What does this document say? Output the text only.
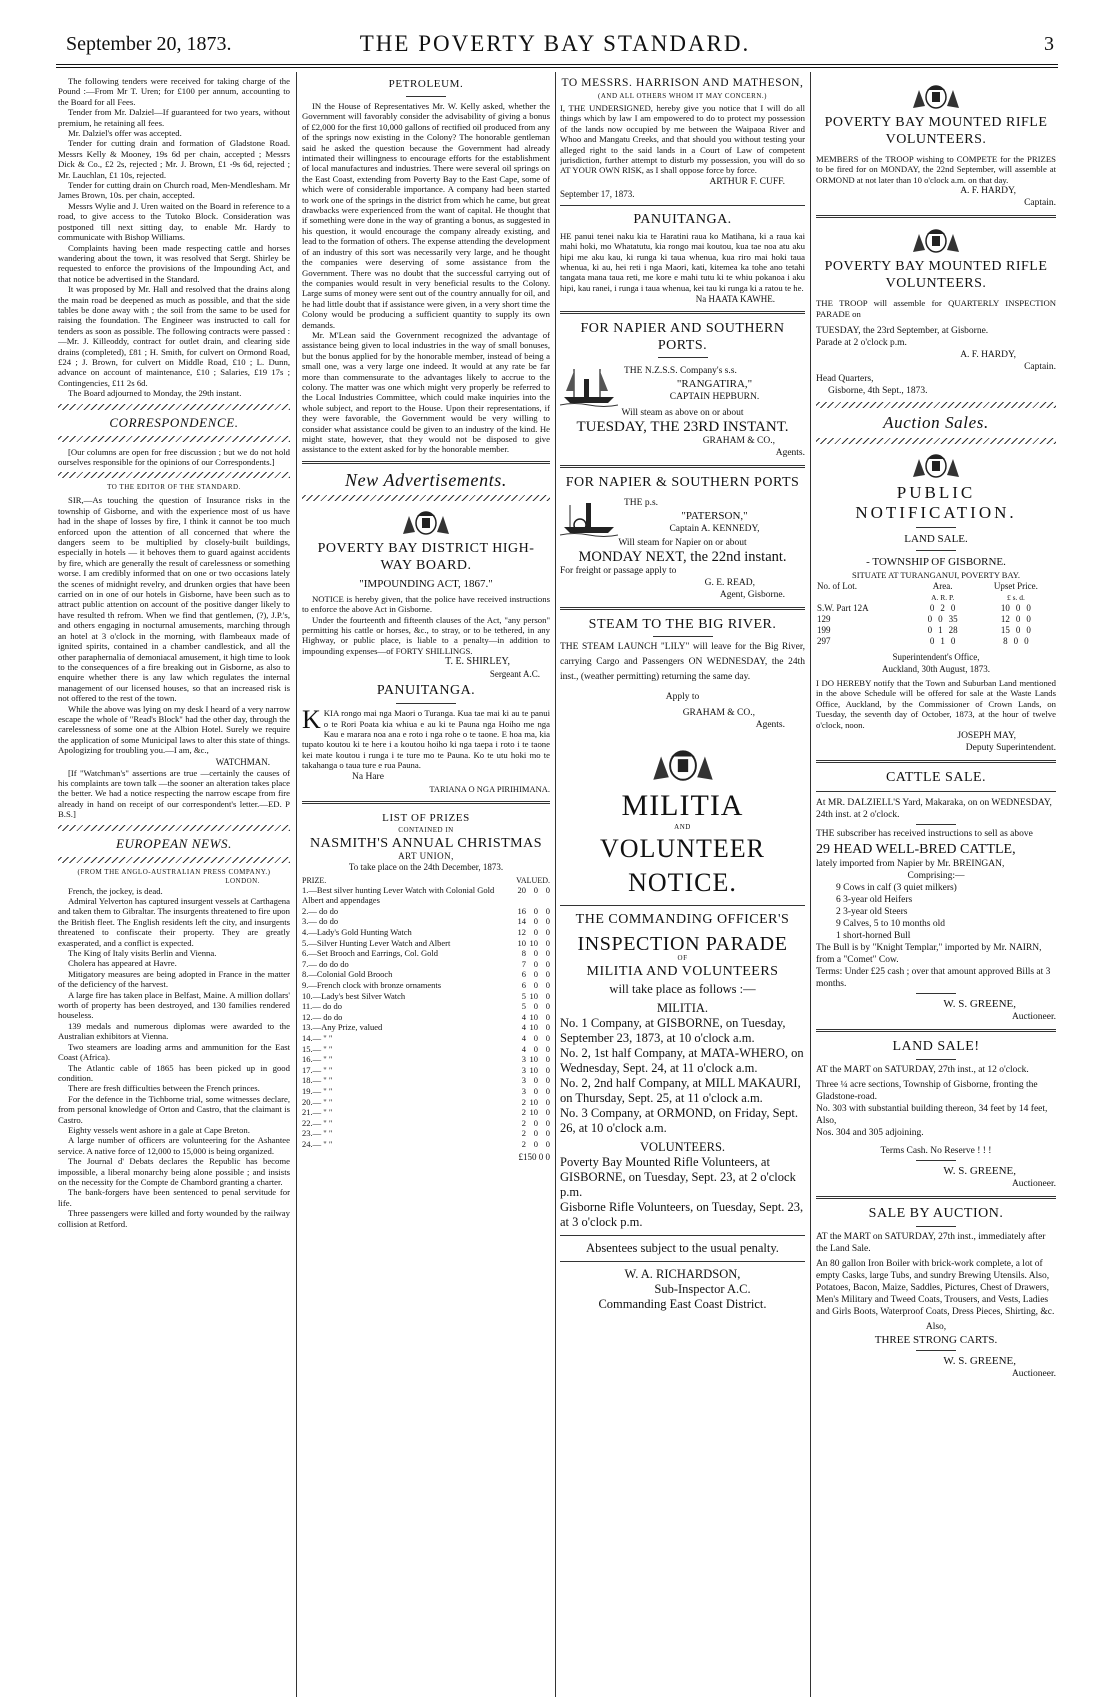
September 20, 1873.	THE POVERTY BAY STANDARD.	3
The following tenders were received for taking charge of the Pound :—From Mr T. Uren; for £100 per annum, accounting to the Board for all Fees.
Tender from Mr. Dalziel—If guaranteed for two years, without premium, he retaining all fees.
Mr. Dalziel's offer was accepted.
Tender for cutting drain and formation of Gladstone Road. Messrs Kelly & Mooney, 19s 6d per chain, accepted ; Messrs Dick & Co., £2 2s, rejected ; Mr. J. Brown, £1 -9s 6d, rejected ; Mr. Lauchlan, £1 10s, rejected.
Tender for cutting drain on Church road, Men-Mendlesham. Mr James Brown, 10s. per chain, accepted.
Messrs Wylie and J. Uren waited on the Board in reference to a road, to give access to the Tutoko Block. Consideration was postponed till next sitting day, to enable Mr. Hardy to communicate with Bishop Williams.
Complaints having been made respecting cattle and horses wandering about the town, it was resolved that Sergt. Shirley be requested to enforce the provisions of the Impounding Act, and that notice be advertised in the Standard.
It was proposed by Mr. Hall and resolved that the drains along the main road be deepened as much as possible, and that the side tables be done away with ; the soil from the same to be used for raising the foundation. The Engineer was instructed to call for tenders as soon as possible. The following contracts were passed :—Mr. J. Killeoddy, contract for outlet drain, and clearing side drains (completed), £81 ; H. Smith, for culvert on Ormond Road, £24 ; J. Brown, for culvert on Middle Road, £10 ; L. Dunn, advance on account of maintenance, £10 ; Salaries, £19 17s ; Contingencies, £11 2s 6d.
The Board adjourned to Monday, the 29th instant.
CORRESPONDENCE.
[Our columns are open for free discussion ; but we do not hold ourselves responsible for the opinions of our Correspondents.]
TO THE EDITOR OF THE STANDARD.
SIR,—As touching the question of Insurance risks in the township of Gisborne, and with the experience most of us have had in the shape of losses by fire, I think it cannot be too much enforced upon the attention of all concerned that where the dangers seem to be multiplied by closely-built buildings, especially in hotels — it behoves them to guard against accidents by fire, which are generally the result of carelessness or something worse. I am credibly informed that on one or two occasions lately the scenes of midnight revelry, and drunken orgies that have been carried on in one of our hotels in Gisborne, have been such as to attract public attention on account of the positive danger likely to have resulted th refrom. When we find that gentlemen, (?), J.P.'s, and others engaging in nocturnal amusements, marching through an hotel at 3 o'clock in the morning, with flambeaux made of ignited spirits, contained in a chamber candlestick, and all the other paraphernalia of demoniacal amusement, it high time to look to the consequences of a fire breaking out in Gisborne, as also to enquire whether there is any law which regulates the internal management of our licensed houses, so that an increased risk is not offered to the rest of the town.
While the above was lying on my desk I heard of a very narrow escape the whole of "Read's Block" had the other day, through the carelessness of some one at the Albion Hotel. Surely we require the application of some Municipal laws to alter this state of things. Apologizing for troubling you.—I am, &c.,
WATCHMAN.
[If "Watchman's" assertions are true —certainly the causes of his complaints are town talk —the sooner an alteration takes place the better. We had a notice respecting the narrow escape from fire already in hand on receipt of our correspondent's letter.—ED. P B.S.]
EUROPEAN NEWS.
(FROM THE ANGLO-AUSTRALIAN PRESS COMPANY.)
LONDON.
French, the jockey, is dead.
Admiral Yelverton has captured insurgent vessels at Carthagena and taken them to Gibraltar. The insurgents threatened to fire upon the British fleet. The English residents left the city, and insurgents threatened to confiscate their property. They are greatly exasperated, and a conflict is expected.
The King of Italy visits Berlin and Vienna.
Cholera has appeared at Havre.
Mitigatory measures are being adopted in France in the matter of the deficiency of the harvest.
A large fire has taken place in Belfast, Maine. A million dollars' worth of property has been destroyed, and 130 families rendered houseless.
139 medals and numerous diplomas were awarded to the Australian exhibitors at Vienna.
Two steamers are loading arms and ammunition for the East Coast (Africa).
The Atlantic cable of 1865 has been picked up in good condition.
There are fresh difficulties between the French princes.
For the defence in the Tichborne trial, some witnesses declare, from personal knowledge of Orton and Castro, that the claimant is Castro.
Eighty vessels went ashore in a gale at Cape Breton.
A large number of officers are volunteering for the Ashantee service. A native force of 12,000 to 15,000 is being organized.
The Journal d' Debats declares the Republic has become impossible, a liberal monarchy being alone possible ; and insists on the necessity for the Compte de Chambord granting a charter.
The bank-forgers have been sentenced to penal servitude for life.
Three passengers were killed and forty wounded by the railway collision at Retford.
PETROLEUM.
IN the House of Representatives Mr. W. Kelly asked, whether the Government will favorably consider the advisability of giving a bonus of £2,000 for the first 10,000 gallons of rectified oil produced from any of the springs now existing in the Colony? The honorable gentleman said he asked the question because the Government had already intimated their willingness to encourage efforts for the establishment of local manufactures and industries. There were several oil springs on the East Coast, extending from Poverty Bay to the East Cape, some of which were of considerable importance. A company had been started to work one of the springs in the district from which he came, but great drawbacks were experienced from the want of capital. He thought that if something were done in the way of granting a bonus, as suggested in his question, it would encourage the company already existing, and lead to the formation of others. The expense attending the development of an industry of this sort was necessarily very large, and he thought the companies were deserving of some assistance from the Government. There was no doubt that the successful carrying out of the companies would result in very beneficial results to the Colony. Large sums of money were sent out of the country annually for oil, and he had little doubt that if assistance were given, in a very short time the Colony would be producing a sufficient quantity to supply its own demands.
Mr. M'Lean said the Government recognized the advantage of assistance being given to local industries in the way of small bonuses, but the bonus applied for by the honorable member, instead of being a small one, was a very large one indeed. It would at any rate be far more than commensurate to the advantages likely to accrue to the colony. The matter was one which might very properly be referred to the Local Industries Committee, which could make inquiries into the whole subject, and report to the House. Upon their representations, if they were favorable, the Government would be very willing to consider what assistance could be given to an industry of the kind. He might state, however, that they would not be disposed to give assistance to the extent asked for by the honorable member.
New Advertisements.
POVERTY BAY DISTRICT HIGH-WAY BOARD.
"IMPOUNDING ACT, 1867."
NOTICE is hereby given, that the police have received instructions to enforce the above Act in Gisborne.
Under the fourteenth and fifteenth clauses of the Act, "any person" permitting his cattle or horses, &c., to stray, or to be tethered, in any Highway, or public place, is liable to a penalty—in addition to impounding expenses—of FORTY SHILLINGS.
T. E. SHIRLEY,
Sergeant A.C.
PANUITANGA.
KKIA rongo mai nga Maori o Turanga. Kua tae mai ki au te panui o te Rori Poata kia whiua e au ki te Pauna nga Hoiho me nga Kau e marara noa ana e roto i nga rohe o te taone. E hoa ma, kia tupato koutou ki te here i a koutou hoiho ki nga taepa i roto i te taone kei mate koutou i runga i te ture mo te Pauna. Ko te utu hoki mo te takahanga o taua ture e rua Pauna.
Na Hare
TARIANA O NGA PIRIHIMANA.
LIST OF PRIZES
CONTAINED IN
NASMITH'S ANNUAL CHRISTMAS
ART UNION,
To take place on the 24th December, 1873.
PRIZE.	VALUED.
1.—Best silver hunting Lever Watch with Colonial Gold Albert and appendages	20	0	0
2.— do do	16	0	0
3.— do do	14	0	0
4.—Lady's Gold Hunting Watch	12	0	0
5.—Silver Hunting Lever Watch and Albert	10	10	0
6.—Set Brooch and Earrings, Col. Gold	8	0	0
7.— do do do	7	0	0
8.—Colonial Gold Brooch	6	0	0
9.—French clock with bronze ornaments	6	0	0
10.—Lady's best Silver Watch	5	10	0
11.— do do	5	0	0
12.— do do	4	10	0
13.—Any Prize, valued	4	10	0
14.— " "	4	0	0
15.— " "	4	0	0
16.— " "	3	10	0
17.— " "	3	10	0
18.— " "	3	0	0
19.— " "	3	0	0
20.— " "	2	10	0
21.— " "	2	10	0
22.— " "	2	0	0
23.— " "	2	0	0
24.— " "	2	0	0
£150 0 0
TO MESSRS. HARRISON AND MATHESON,
(AND ALL OTHERS WHOM IT MAY CONCERN.)
I, THE UNDERSIGNED, hereby give you notice that I will do all things which by law I am empowered to do to protect my possession of the lands now occupied by me between the Waipaoa River and Whoo and Mangatu Creeks, and that should you without testing your alleged right to the said lands in a Court of Law of competent jurisdiction, further attempt to disturb my possession, you will do so AT YOUR OWN RISK, as I shall oppose force by force.
ARTHUR F. CUFF.
September 17, 1873.
PANUITANGA.
HE panui tenei naku kia te Haratini raua ko Matihana, ki a raua kai mahi hoki, mo Whatatutu, kia rongo mai koutou, kua tae noa atu aku hipi me aku kau, ki runga ki taua whenua, kua riro mai hoki taua whenua, ki au, hei reti i nga Maori, kati, kitemea ka tohe ano tetahi tangata mana taua reti, me kore e mahi tutu ki te whiu pokanoa i aku hipi, kau ranei, i runga i taua whenua, kei tau ki runga ki a ratou te he.
Na HAATA KAWHE.
FOR NAPIER AND SOUTHERN PORTS.
THE N.Z.S.S. Company's s.s.
"RANGATIRA,"
CAPTAIN HEPBURN.
Will steam as above on or about
TUESDAY, THE 23RD INSTANT.
GRAHAM & CO.,
Agents.
FOR NAPIER & SOUTHERN PORTS
THE p.s.
"PATERSON,"
Captain A. KENNEDY,
Will steam for Napier on or about
MONDAY NEXT, the 22nd instant.
For freight or passage apply to
G. E. READ,
Agent, Gisborne.
STEAM TO THE BIG RIVER.
THE STEAM LAUNCH "LILY" will leave for the Big River, carrying Cargo and Passengers ON WEDNESDAY, the 24th inst., (weather permitting) returning the same day.
Apply to
GRAHAM & CO.,
Agents.
MILITIA
AND
VOLUNTEER NOTICE.
THE COMMANDING OFFICER'S
INSPECTION PARADE
OF
MILITIA AND VOLUNTEERS
will take place as follows :—
MILITIA.
No. 1 Company, at GISBORNE, on Tuesday, September 23, 1873, at 10 o'clock a.m.
No. 2, 1st half Company, at MATA-WHERO, on Wednesday, Sept. 24, at 11 o'clock a.m.
No. 2, 2nd half Company, at MILL MAKAURI, on Thursday, Sept. 25, at 11 o'clock a.m.
No. 3 Company, at ORMOND, on Friday, Sept. 26, at 10 o'clock a.m.
VOLUNTEERS.
Poverty Bay Mounted Rifle Volunteers, at GISBORNE, on Tuesday, Sept. 23, at 2 o'clock p.m.
Gisborne Rifle Volunteers, on Tuesday, Sept. 23, at 3 o'clock p.m.
Absentees subject to the usual penalty.
W. A. RICHARDSON,
Sub-Inspector A.C.
Commanding East Coast District.
POVERTY BAY MOUNTED RIFLE VOLUNTEERS.
MEMBERS of the TROOP wishing to COMPETE for the PRIZES to be fired for on MONDAY, the 22nd September, will assemble at ORMOND at not later than 10 o'clock a.m. on that day.
A. F. HARDY,
Captain.
POVERTY BAY MOUNTED RIFLE VOLUNTEERS.
THE TROOP will assemble for QUARTERLY INSPECTION PARADE on
TUESDAY, the 23rd September, at Gisborne.
Parade at 2 o'clock p.m.
A. F. HARDY,
Captain.
Head Quarters,
Gisborne, 4th Sept., 1873.
Auction Sales.
PUBLIC NOTIFICATION.
LAND SALE.
- TOWNSHIP OF GISBORNE.
SITUATE AT TURANGANUI, POVERTY BAY.
No. of Lot.	Area.	Upset Price.
	A. R. P.	£ s. d.
S.W. Part 12A	0 2 0	10 0 0
129	0 0 35	12 0 0
199	0 1 28	15 0 0
297	0 1 0	8 0 0
Superintendent's Office,
Auckland, 30th August, 1873.
I DO HEREBY notify that the Town and Suburban Land mentioned in the above Schedule will be offered for sale at the Waste Lands Office, Auckland, by the Commissioner of Crown Lands, on Tuesday, the seventh day of October, 1873, at the hour of twelve o'clock, noon.
JOSEPH MAY,
Deputy Superintendent.
CATTLE SALE.
At MR. DALZIELL'S Yard, Makaraka, on on WEDNESDAY, 24th inst. at 2 o'clock.
THE subscriber has received instructions to sell as above
29 HEAD WELL-BRED CATTLE,
lately imported from Napier by Mr. BREINGAN,
Comprising:—
9 Cows in calf (3 quiet milkers)
6 3-year old Heifers
2 3-year old Steers
9 Calves, 5 to 10 months old
1 short-horned Bull
The Bull is by "Knight Templar," imported by Mr. NAIRN, from a "Comet" Cow.
Terms: Under £25 cash ; over that amount approved Bills at 3 months.
W. S. GREENE,
Auctioneer.
LAND SALE!
AT the MART on SATURDAY, 27th inst., at 12 o'clock.
Three ¼ acre sections, Township of Gisborne, fronting the Gladstone-road.
No. 303 with substantial building thereon, 34 feet by 14 feet, Also,
Nos. 304 and 305 adjoining.
Terms Cash. No Reserve ! ! !
W. S. GREENE,
Auctioneer.
SALE BY AUCTION.
AT the MART on SATURDAY, 27th inst., immediately after the Land Sale.
An 80 gallon Iron Boiler with brick-work complete, a lot of empty Casks, large Tubs, and sundry Brewing Utensils. Also, Potatoes, Bacon, Maize, Saddles, Pictures, Chest of Drawers, Men's Military and Tweed Coats, Trousers, and Vests, Ladies and Girls Boots, Waterproof Coats, Dress Pieces, Shirting, &c.
Also,
THREE STRONG CARTS.
W. S. GREENE,
Auctioneer.
